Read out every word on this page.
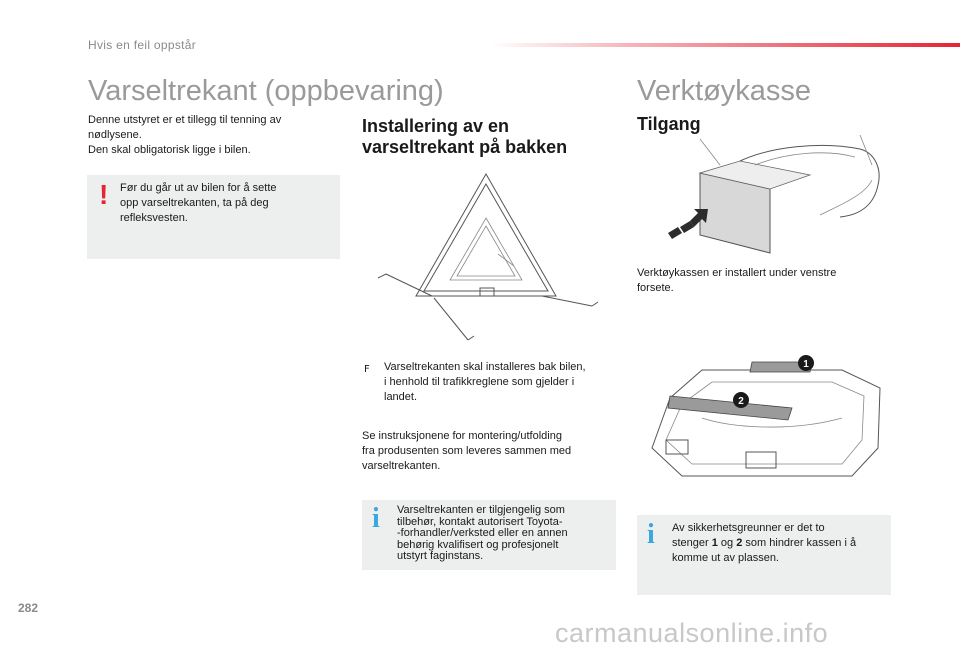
Hvis en feil oppstår
Varseltrekant (oppbevaring)
Denne utstyret er et tillegg til tenning av
nødlysene.
Den skal obligatorisk ligge i bilen.
! Før du går ut av bilen for å sette
opp varseltrekanten, ta på deg
refleksvesten.
Installering av en
varseltrekant på bakken
F Varseltrekanten skal installeres bak bilen,
i henhold til trafikkreglene som gjelder i
landet.
Se instruksjonene for montering/utfolding
fra produsenten som leveres sammen med
varseltrekanten.
i Varseltrekanten er tilgjengelig som
tilbehør, kontakt autorisert Toyota-
-forhandler/verksted eller en annen
behørig kvalifisert og profesjonelt
utstyrt faginstans.
Verktøykasse
Tilgang
Verktøykassen er installert under venstre
forsete.
1
2
i Av sikkerhetsgreunner er det to
stenger 1 og 2 som hindrer kassen i å
komme ut av plassen.
282
carmanualsonline.info
